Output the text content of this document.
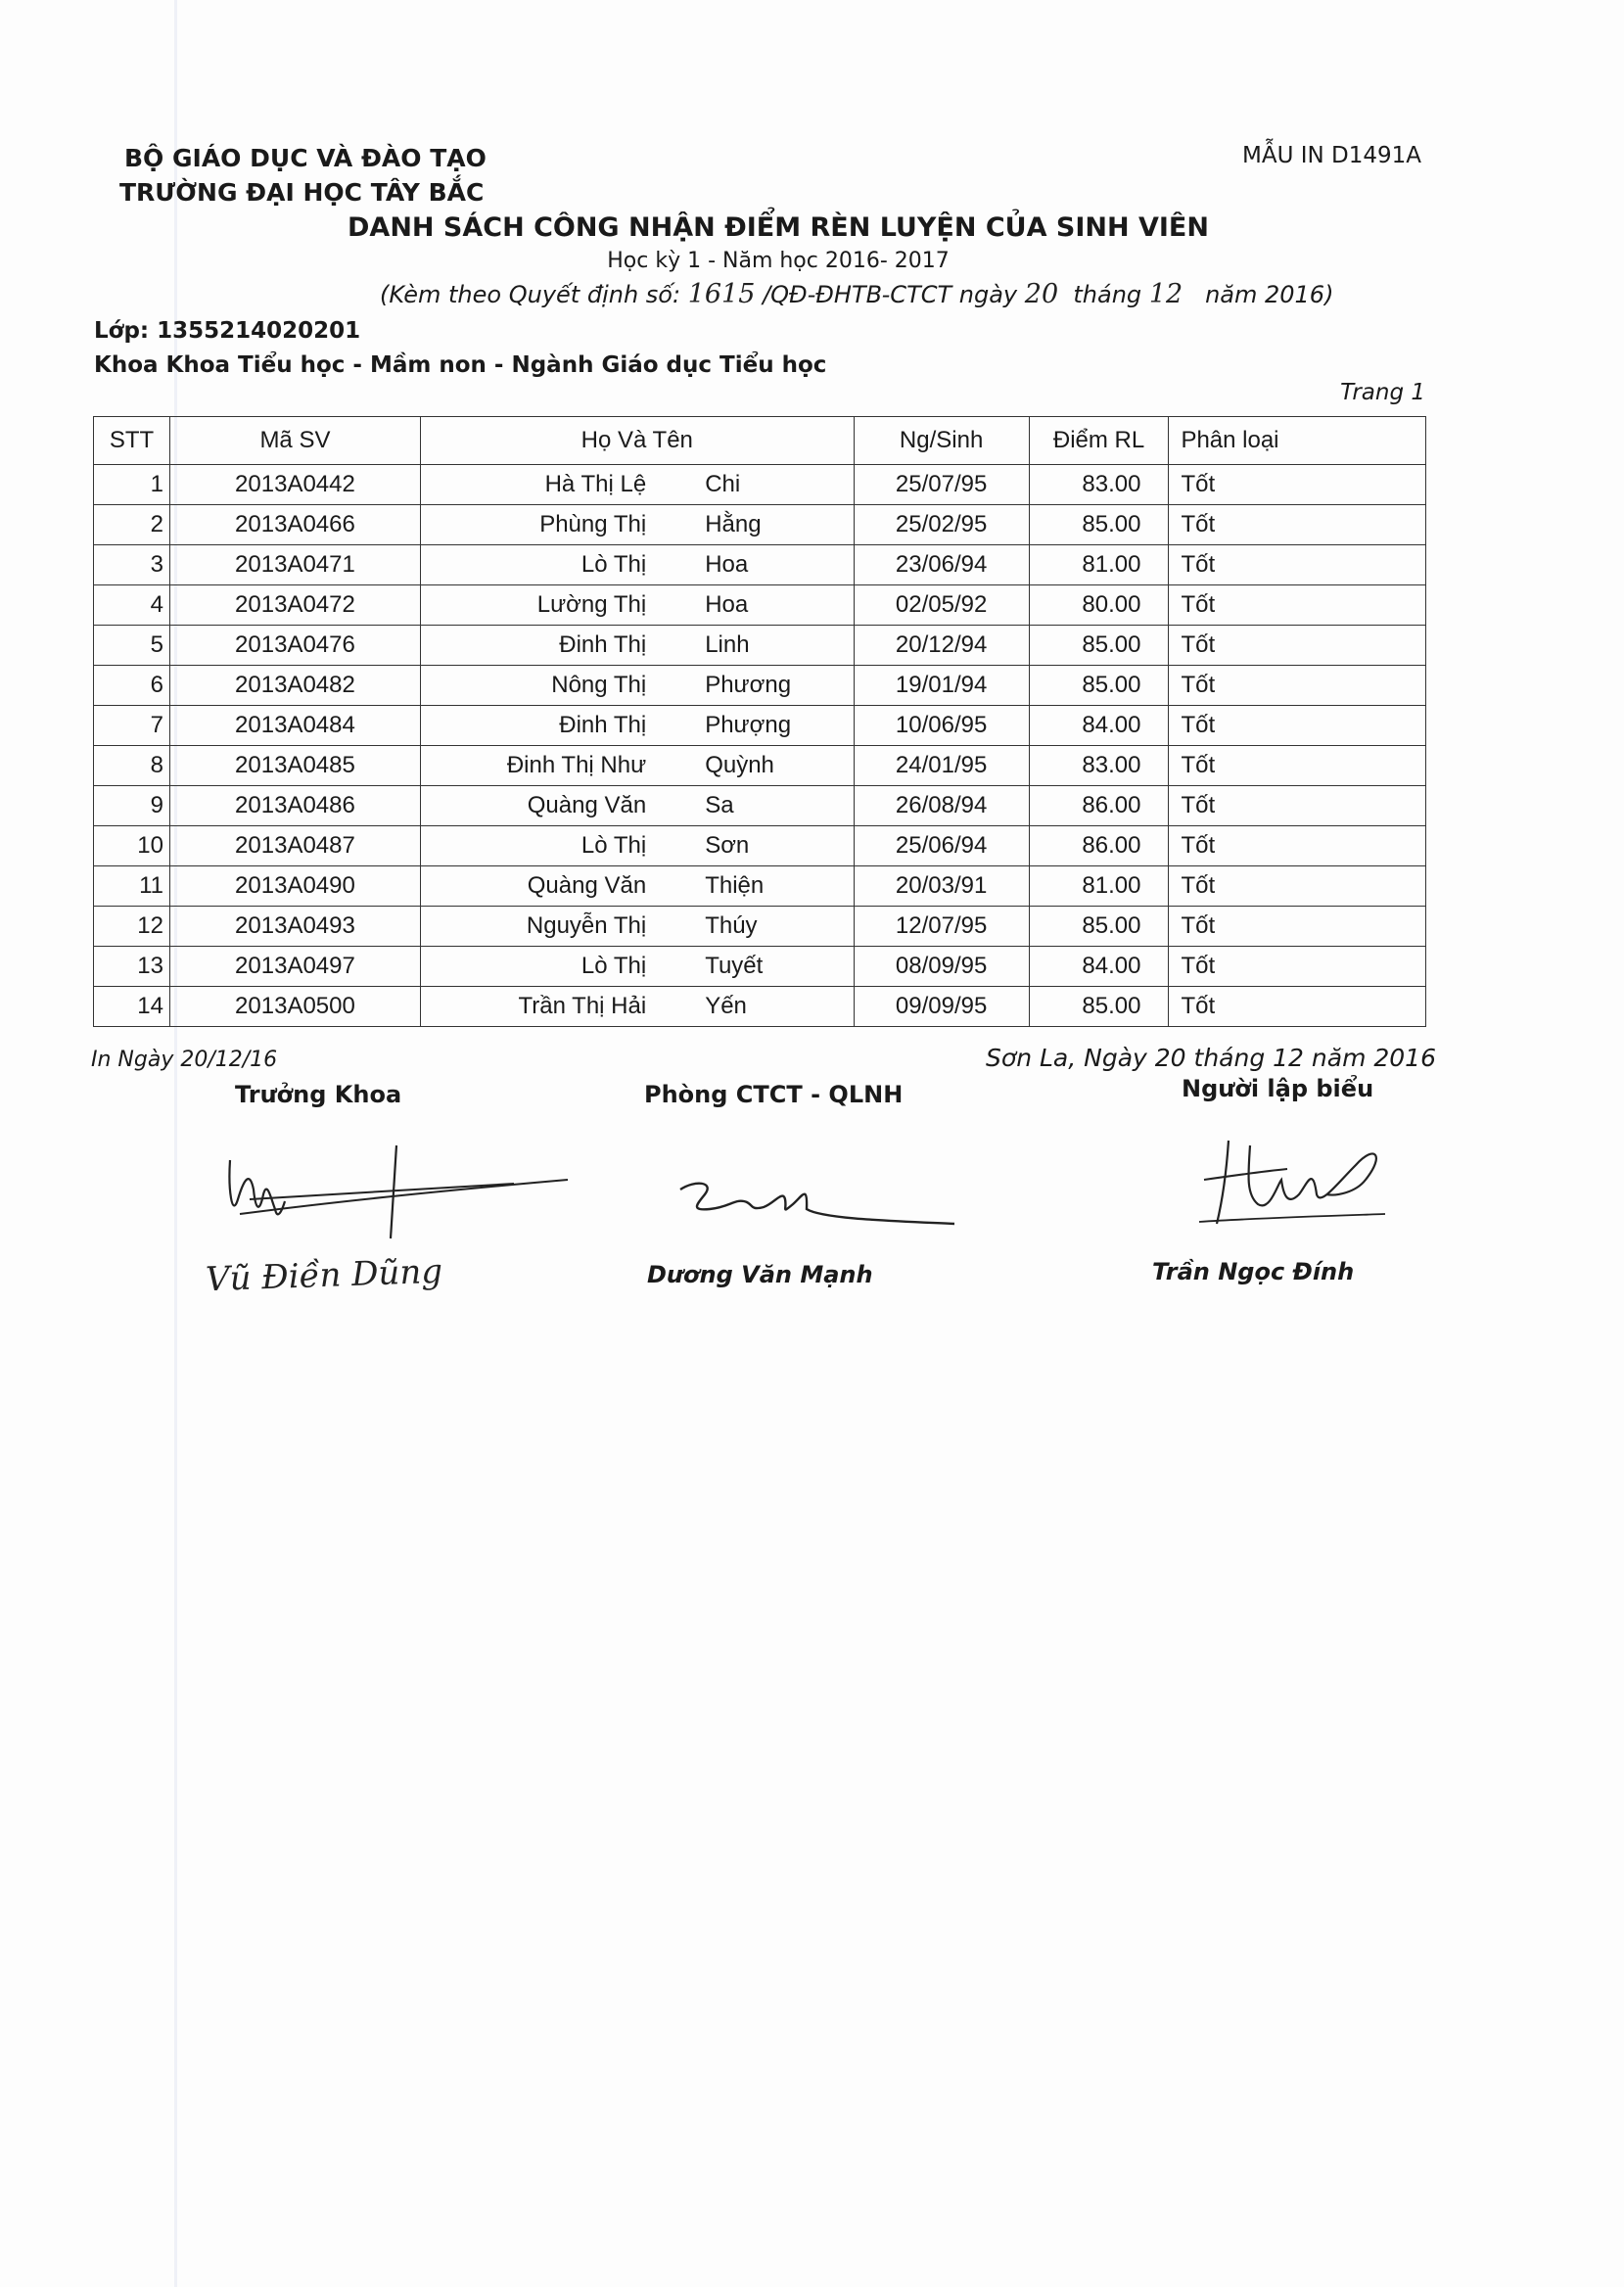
BỘ GIÁO DỤC VÀ ĐÀO TẠO
TRƯỜNG ĐẠI HỌC TÂY BẮC
MẪU IN D1491A
DANH SÁCH CÔNG NHẬN ĐIỂM RÈN LUYỆN CỦA SINH VIÊN
Học kỳ 1 - Năm học 2016- 2017
(Kèm theo Quyết định số: 1615 /QĐ-ĐHTB-CTCT ngày 20 tháng 12 năm 2016)
Lớp: 1355214020201
Khoa Khoa Tiểu học - Mầm non - Ngành Giáo dục Tiểu học
Trang 1
STT	Mã SV	Họ Và Tên		Ng/Sinh	Điểm RL	Phân loại
1	2013A0442	Hà Thị Lệ	Chi	25/07/95	83.00	Tốt
2	2013A0466	Phùng Thị	Hằng	25/02/95	85.00	Tốt
3	2013A0471	Lò Thị	Hoa	23/06/94	81.00	Tốt
4	2013A0472	Lường Thị	Hoa	02/05/92	80.00	Tốt
5	2013A0476	Đinh Thị	Linh	20/12/94	85.00	Tốt
6	2013A0482	Nông Thị	Phương	19/01/94	85.00	Tốt
7	2013A0484	Đinh Thị	Phượng	10/06/95	84.00	Tốt
8	2013A0485	Đinh Thị Như	Quỳnh	24/01/95	83.00	Tốt
9	2013A0486	Quàng Văn	Sa	26/08/94	86.00	Tốt
10	2013A0487	Lò Thị	Sơn	25/06/94	86.00	Tốt
11	2013A0490	Quàng Văn	Thiện	20/03/91	81.00	Tốt
12	2013A0493	Nguyễn Thị	Thúy	12/07/95	85.00	Tốt
13	2013A0497	Lò Thị	Tuyết	08/09/95	84.00	Tốt
14	2013A0500	Trần Thị Hải	Yến	09/09/95	85.00	Tốt
In Ngày 20/12/16	Sơn La, Ngày 20 tháng 12 năm 2016
Trưởng Khoa	Phòng CTCT - QLNH	Người lập biểu
Vũ Điền Dũng	Dương Văn Mạnh	Trần Ngọc Đính
